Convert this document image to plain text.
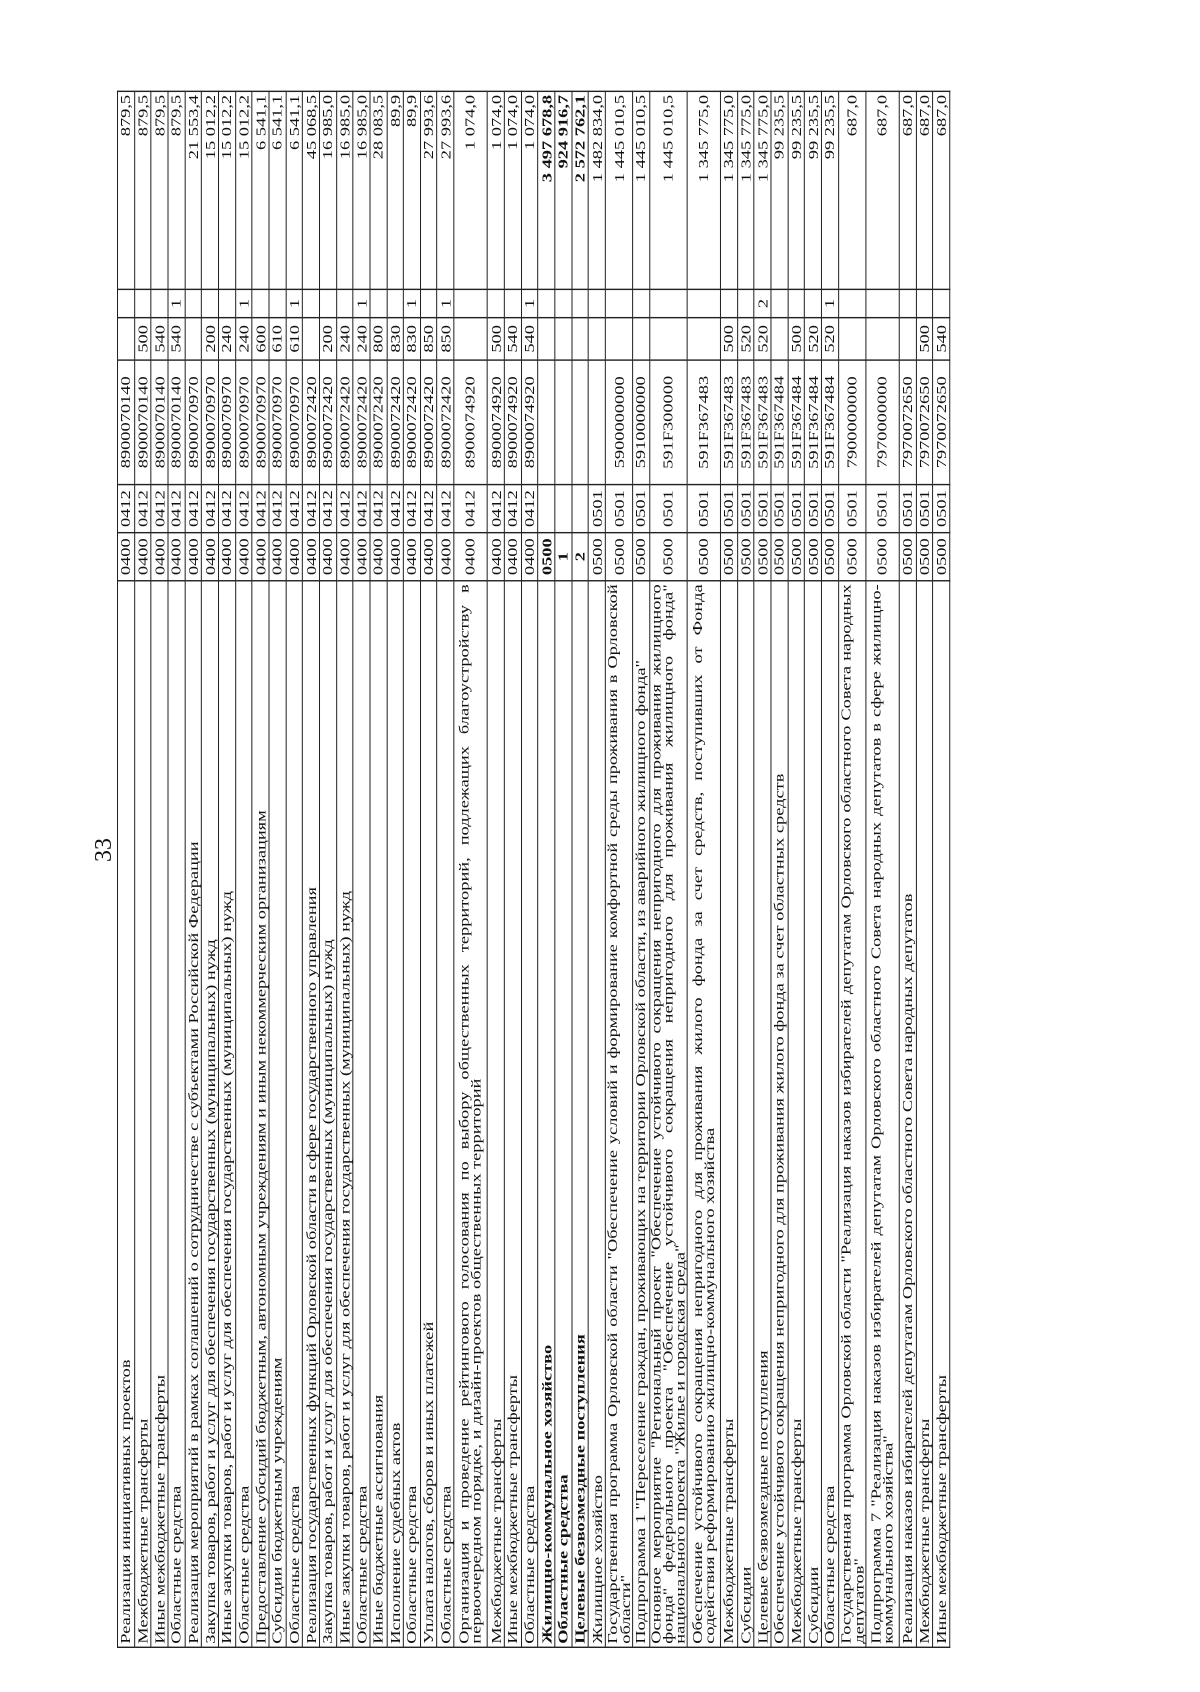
33
Реализация инициативных проектов	0400	0412	8900070140			879,5
Межбюджетные трансферты	0400	0412	8900070140	500		879,5
Иные межбюджетные трансферты	0400	0412	8900070140	540		879,5
Областные средства	0400	0412	8900070140	540	1	879,5
Реализация мероприятий в рамках соглашений о сотрудничестве с субъектами Российской Федерации	0400	0412	8900070970			21 553,4
Закупка товаров, работ и услуг для обеспечения государственных (муниципальных) нужд	0400	0412	8900070970	200		15 012,2
Иные закупки товаров, работ и услуг для обеспечения государственных (муниципальных) нужд	0400	0412	8900070970	240		15 012,2
Областные средства	0400	0412	8900070970	240	1	15 012,2
Предоставление субсидий бюджетным, автономным учреждениям и иным некоммерческим организациям	0400	0412	8900070970	600		6 541,1
Субсидии бюджетным учреждениям	0400	0412	8900070970	610		6 541,1
Областные средства	0400	0412	8900070970	610	1	6 541,1
Реализация государственных функций Орловской области в сфере государственного управления	0400	0412	8900072420			45 068,5
Закупка товаров, работ и услуг для обеспечения государственных (муниципальных) нужд	0400	0412	8900072420	200		16 985,0
Иные закупки товаров, работ и услуг для обеспечения государственных (муниципальных) нужд	0400	0412	8900072420	240		16 985,0
Областные средства	0400	0412	8900072420	240	1	16 985,0
Иные бюджетные ассигнования	0400	0412	8900072420	800		28 083,5
Исполнение судебных актов	0400	0412	8900072420	830		89,9
Областные средства	0400	0412	8900072420	830	1	89,9
Уплата налогов, сборов и иных платежей	0400	0412	8900072420	850		27 993,6
Областные средства	0400	0412	8900072420	850	1	27 993,6
Организация и проведение рейтингового голосования по выбору общественных территорий, подлежащих благоустройству в первоочередном порядке, и дизайн-проектов общественных территорий	0400	0412	8900074920			1 074,0
Межбюджетные трансферты	0400	0412	8900074920	500		1 074,0
Иные межбюджетные трансферты	0400	0412	8900074920	540		1 074,0
Областные средства	0400	0412	8900074920	540	1	1 074,0
Жилищно-коммунальное хозяйство	0500					3 497 678,8
Областные средства	1					924 916,7
Целевые безвозмездные поступления	2					2 572 762,1
Жилищное хозяйство	0500	0501				1 482 834,0
Государственная программа Орловской области "Обеспечение условий и формирование комфортной среды проживания в Орловской области"	0500	0501	5900000000			1 445 010,5
Подпрограмма 1 "Переселение граждан, проживающих на территории Орловской области, из аварийного жилищного фонда"	0500	0501	5910000000			1 445 010,5
Основное мероприятие "Региональный проект "Обеспечение устойчивого сокращения непригодного для проживания жилищного фонда" федерального проекта "Обеспечение устойчивого сокращения непригодного для проживания жилищного фонда" национального проекта "Жилье и городская среда"	0500	0501	591F300000			1 445 010,5
Обеспечение устойчивого сокращения непригодного для проживания жилого фонда за счет средств, поступивших от Фонда содействия реформированию жилищно-коммунального хозяйства	0500	0501	591F367483			1 345 775,0
Межбюджетные трансферты	0500	0501	591F367483	500		1 345 775,0
Субсидии	0500	0501	591F367483	520		1 345 775,0
Целевые безвозмездные поступления	0500	0501	591F367483	520	2	1 345 775,0
Обеспечение устойчивого сокращения непригодного для проживания жилого фонда за счет областных средств	0500	0501	591F367484			99 235,5
Межбюджетные трансферты	0500	0501	591F367484	500		99 235,5
Субсидии	0500	0501	591F367484	520		99 235,5
Областные средства	0500	0501	591F367484	520	1	99 235,5
Государственная программа Орловской области "Реализация наказов избирателей депутатам Орловского областного Совета народных депутатов"	0500	0501	7900000000			687,0
Подпрограмма 7 "Реализация наказов избирателей депутатам Орловского областного Совета народных депутатов в сфере жилищно-коммунального хозяйства"	0500	0501	7970000000			687,0
Реализация наказов избирателей депутатам Орловского областного Совета народных депутатов	0500	0501	7970072650			687,0
Межбюджетные трансферты	0500	0501	7970072650	500		687,0
Иные межбюджетные трансферты	0500	0501	7970072650	540		687,0
